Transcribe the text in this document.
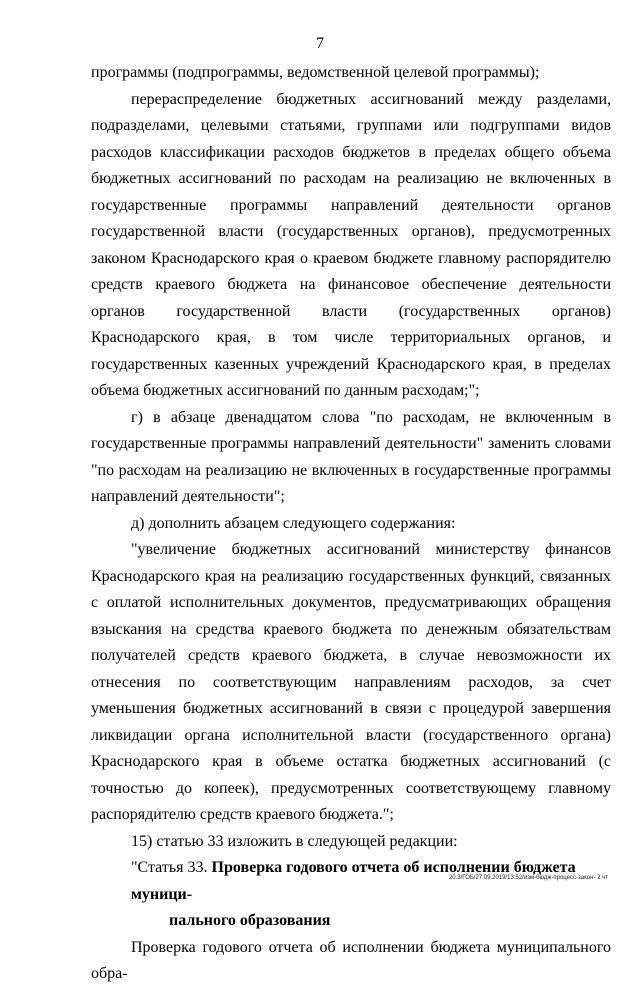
7

программы (подпрограммы, ведомственной целевой программы);

перераспределение бюджетных ассигнований между разделами, подразделами, целевыми статьями, группами или подгруппами видов расходов классификации расходов бюджетов в пределах общего объема бюджетных ассигнований по расходам на реализацию не включенных в государственные программы направлений деятельности органов государственной власти (государственных органов), предусмотренных законом Краснодарского края о краевом бюджете главному распорядителю средств краевого бюджета на финансовое обеспечение деятельности органов государственной власти (государственных органов) Краснодарского края, в том числе территориальных органов, и государственных казенных учреждений Краснодарского края, в пределах объема бюджетных ассигнований по данным расходам;";

г) в абзаце двенадцатом слова "по расходам, не включенным в государственные программы направлений деятельности" заменить словами "по расходам на реализацию не включенных в государственные программы направлений деятельности";

д) дополнить абзацем следующего содержания:

"увеличение бюджетных ассигнований министерству финансов Краснодарского края на реализацию государственных функций, связанных с оплатой исполнительных документов, предусматривающих обращения взыскания на средства краевого бюджета по денежным обязательствам получателей средств краевого бюджета, в случае невозможности их отнесения по соответствующим направлениям расходов, за счет уменьшения бюджетных ассигнований в связи с процедурой завершения ликвидации органа исполнительной власти (государственного органа) Краснодарского края в объеме остатка бюджетных ассигнований (с точностью до копеек), предусмотренных соответствующему главному распорядителю средств краевого бюджета.";

15) статью 33 изложить в следующей редакции:

"Статья 33. Проверка годового отчета об исполнении бюджета муници-
пального образования

Проверка годового отчета об исполнении бюджета муниципального обра-

20.3/ГОБ/27.09.2019/13:52/изм-бюдж-процесс-закон- 2 чт
